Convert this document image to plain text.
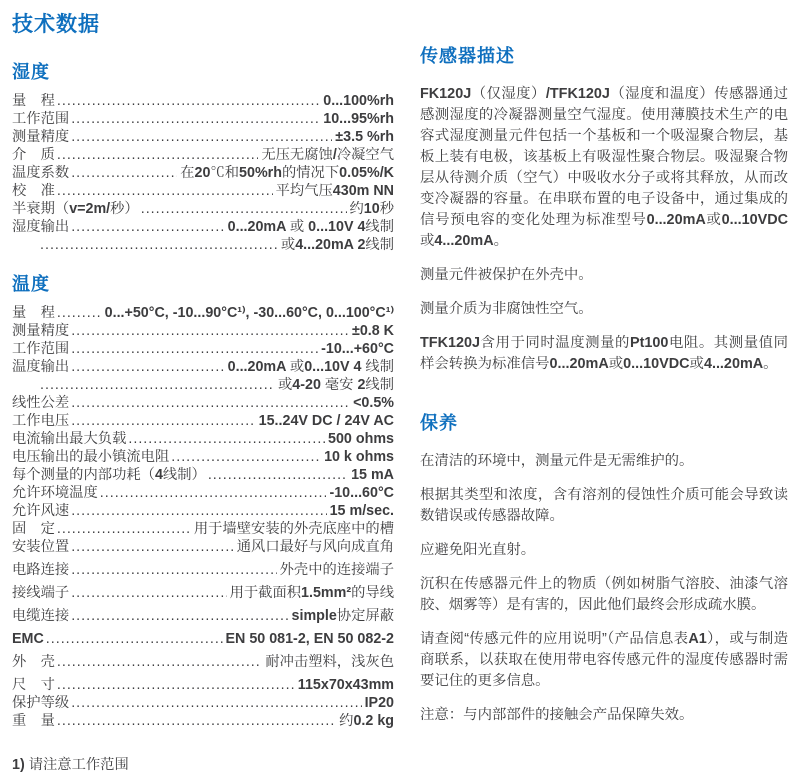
技术数据
湿度
量　程 .....	0...100%rh
工作范围 .....	10...95%rh
测量精度 .....	±3.5 %rh
介　质 .....	无压无腐蚀/冷凝空气
温度系数 .....	在20℃和50%rh的情况下0.05%/K
校　准 .....	平均气压430m NN
半衰期（v=2m/秒） .....	约10秒
湿度输出 .....	0...20mA 或 0...10V 4线制
.....
或4...20mA 2线制
温度
量　程 .....	0...+50°C, -10...90°C¹⁾, -30...60°C, 0...100°C¹⁾
测量精度 .....	±0.8 K
工作范围 .....	-10...+60°C
温度输出 .....	0...20mA 或0...10V 4 线制
.....
或4-20 毫安 2线制
线性公差 .....	<0.5%
工作电压 .....	15..24V DC / 24V AC
电流输出最大负载 .....	500 ohms
电压输出的最小镇流电阻 .....	10 k ohms
每个测量的内部功耗（4线制） .....	15 mA
允许环境温度 .....	-10...60°C
允许风速 .....	15 m/sec.
固　定 .....	用于墙壁安装的外壳底座中的槽
安装位置 .....	通风口最好与风向成直角
电路连接 .....	外壳中的连接端子
接线端子 .....	用于截面积1.5mm²的导线
电缆连接 .....	simple协定屏蔽
EMC .....	EN 50 081-2, EN 50 082-2
外　壳 .....	耐冲击塑料，浅灰色
尺　寸 .....	115x70x43mm
保护等级 .....	IP20
重　量 .....	约0.2 kg
1) 请注意工作范围
传感器描述

FK120J（仅湿度）/TFK120J（湿度和温度）传感器通过感测湿度的冷凝器测量空气湿度。使用薄膜技术生产的电容式湿度测量元件包括一个基板和一个吸湿聚合物层，基板上装有电极，该基板上有吸湿性聚合物层。吸湿聚合物层从待测介质（空气）中吸收水分子或将其释放，从而改变冷凝器的容量。在串联布置的电子设备中，通过集成的信号预电容的变化处理为标准型号0...20mA或0...10VDC或4...20mA。

测量元件被保护在外壳中。

测量介质为非腐蚀性空气。

TFK120J含用于同时温度测量的Pt100电阻。其测量值同样会转换为标准信号0...20mA或0...10VDC或4...20mA。

保养

在清洁的环境中，测量元件是无需维护的。

根据其类型和浓度，含有溶剂的侵蚀性介质可能会导致读数错误或传感器故障。

应避免阳光直射。

沉积在传感器元件上的物质（例如树脂气溶胶、油漆气溶胶、烟雾等）是有害的，因此他们最终会形成疏水膜。

请查阅“传感元件的应用说明”（产品信息表A1），或与制造商联系，以获取在使用带电容传感元件的湿度传感器时需要记住的更多信息。

注意：与内部部件的接触会产品保障失效。
